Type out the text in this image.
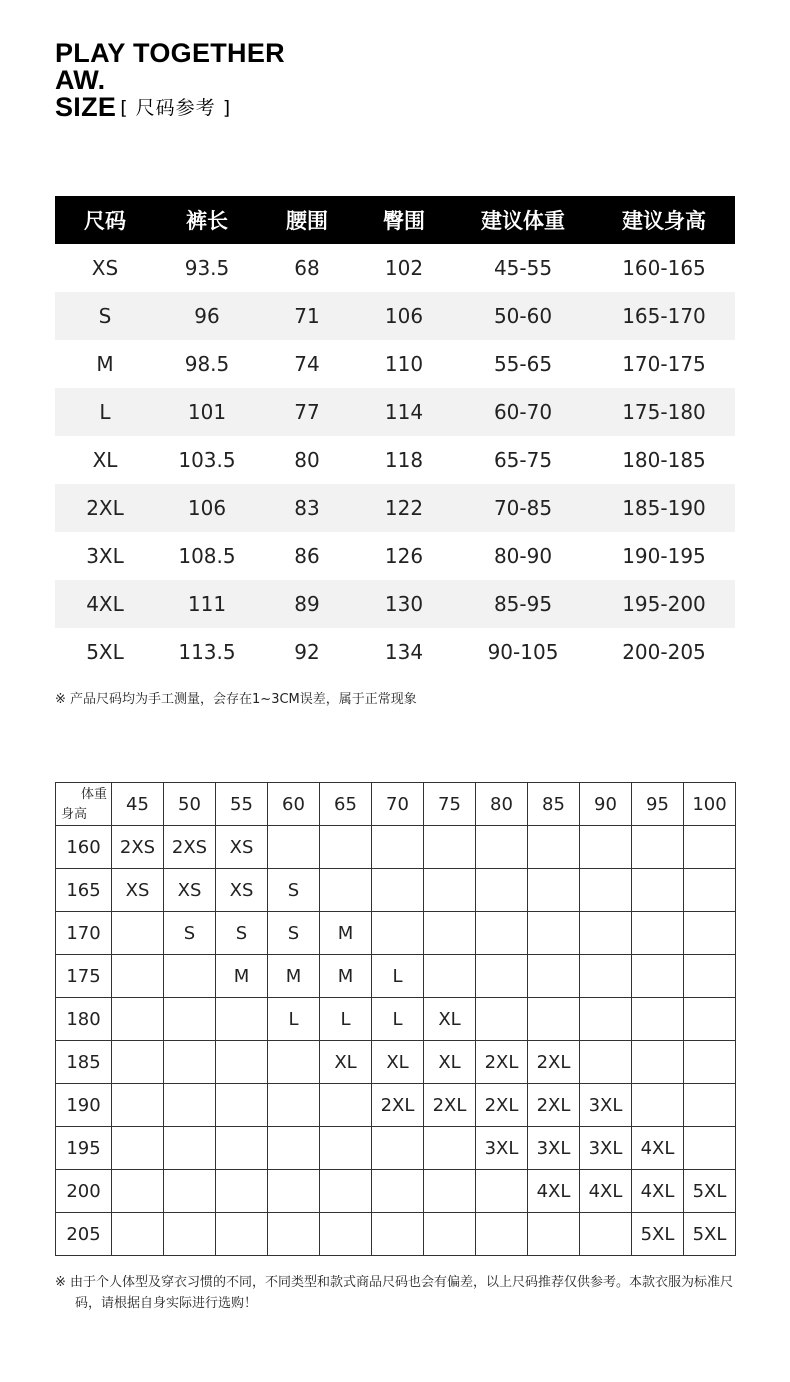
PLAY TOGETHER
AW.
SIZE [ 尺码参考 ]
尺码	裤长	腰围	臀围	建议体重	建议身高
XS	93.5	68	102	45-55	160-165
S	96	71	106	50-60	165-170
M	98.5	74	110	55-65	170-175
L	101	77	114	60-70	175-180
XL	103.5	80	118	65-75	180-185
2XL	106	83	122	70-85	185-190
3XL	108.5	86	126	80-90	190-195
4XL	111	89	130	85-95	195-200
5XL	113.5	92	134	90-105	200-205
※ 产品尺码均为手工测量，会存在1~3CM误差，属于正常现象
体重
身高	45	50	55	60	65	70	75	80	85	90	95	100
160	2XS	2XS	XS									
165	XS	XS	XS	S								
170		S	S	S	M							
175			M	M	M	L						
180				L	L	L	XL					
185					XL	XL	XL	2XL	2XL			
190						2XL	2XL	2XL	2XL	3XL		
195								3XL	3XL	3XL	4XL	
200									4XL	4XL	4XL	5XL
205											5XL	5XL
※ 由于个人体型及穿衣习惯的不同，不同类型和款式商品尺码也会有偏差，以上尺码推荐仅供参考。本款衣服为标准尺码，请根据自身实际进行选购！
